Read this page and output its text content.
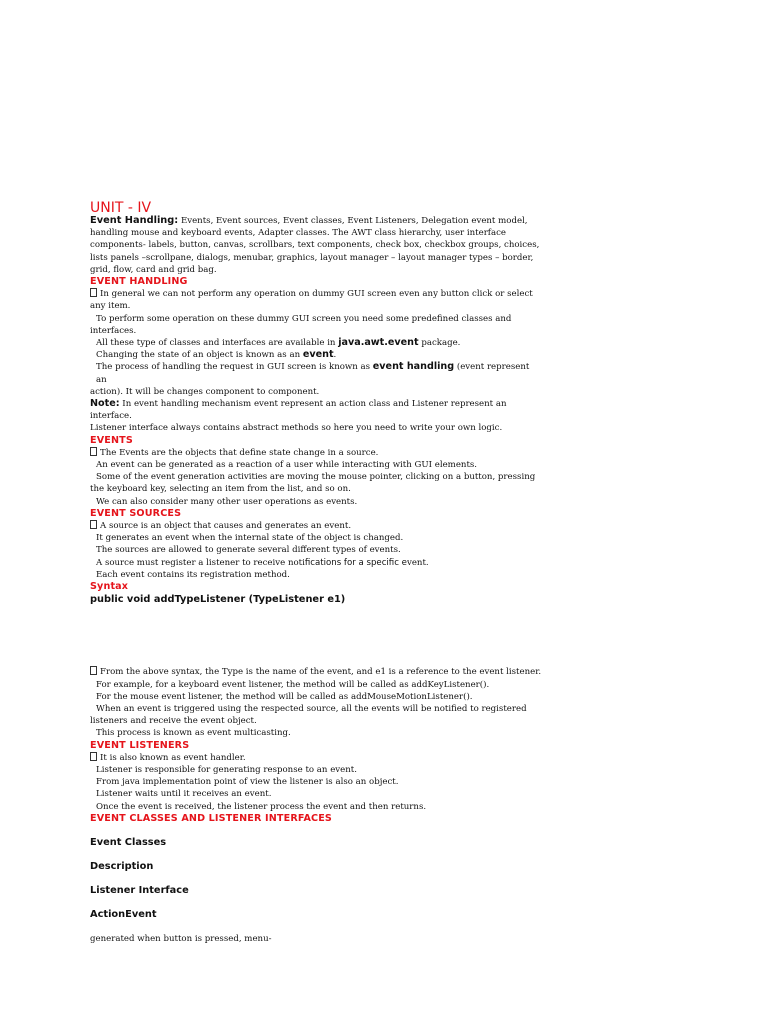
UNIT - IV
Event Handling: Events, Event sources, Event classes, Event Listeners, Delegation event model,
handling mouse and keyboard events, Adapter classes. The AWT class hierarchy, user interface
components- labels, button, canvas, scrollbars, text components, check box, checkbox groups, choices,
lists panels –scrollpane, dialogs, menubar, graphics, layout manager – layout manager types – border,
grid, flow, card and grid bag.
EVENT HANDLING
In general we can not perform any operation on dummy GUI screen even any button click or select
any item.
To perform some operation on these dummy GUI screen you need some predefined classes and
interfaces.
All these type of classes and interfaces are available in java.awt.event package.
Changing the state of an object is known as an event.
The process of handling the request in GUI screen is known as event handling (event represent an
action). It will be changes component to component.
Note: In event handling mechanism event represent an action class and Listener represent an interface.
Listener interface always contains abstract methods so here you need to write your own logic.
EVENTS
The Events are the objects that define state change in a source.
An event can be generated as a reaction of a user while interacting with GUI elements.
Some of the event generation activities are moving the mouse pointer, clicking on a button, pressing
the keyboard key, selecting an item from the list, and so on.
We can also consider many other user operations as events.
EVENT SOURCES
A source is an object that causes and generates an event.
It generates an event when the internal state of the object is changed.
The sources are allowed to generate several different types of events.
A source must register a listener to receive notifications for a specific event.
Each event contains its registration method.
Syntax
public void addTypeListener (TypeListener e1)
From the above syntax, the Type is the name of the event, and e1 is a reference to the event listener.
For example, for a keyboard event listener, the method will be called as addKeyListener().
For the mouse event listener, the method will be called as addMouseMotionListener().
When an event is triggered using the respected source, all the events will be notified to registered
listeners and receive the event object.
This process is known as event multicasting.
EVENT LISTENERS
It is also known as event handler.
Listener is responsible for generating response to an event.
From java implementation point of view the listener is also an object.
Listener waits until it receives an event.
Once the event is received, the listener process the event and then returns.
EVENT CLASSES AND LISTENER INTERFACES
Event Classes
Description
Listener Interface
ActionEvent
generated when button is pressed, menu-
